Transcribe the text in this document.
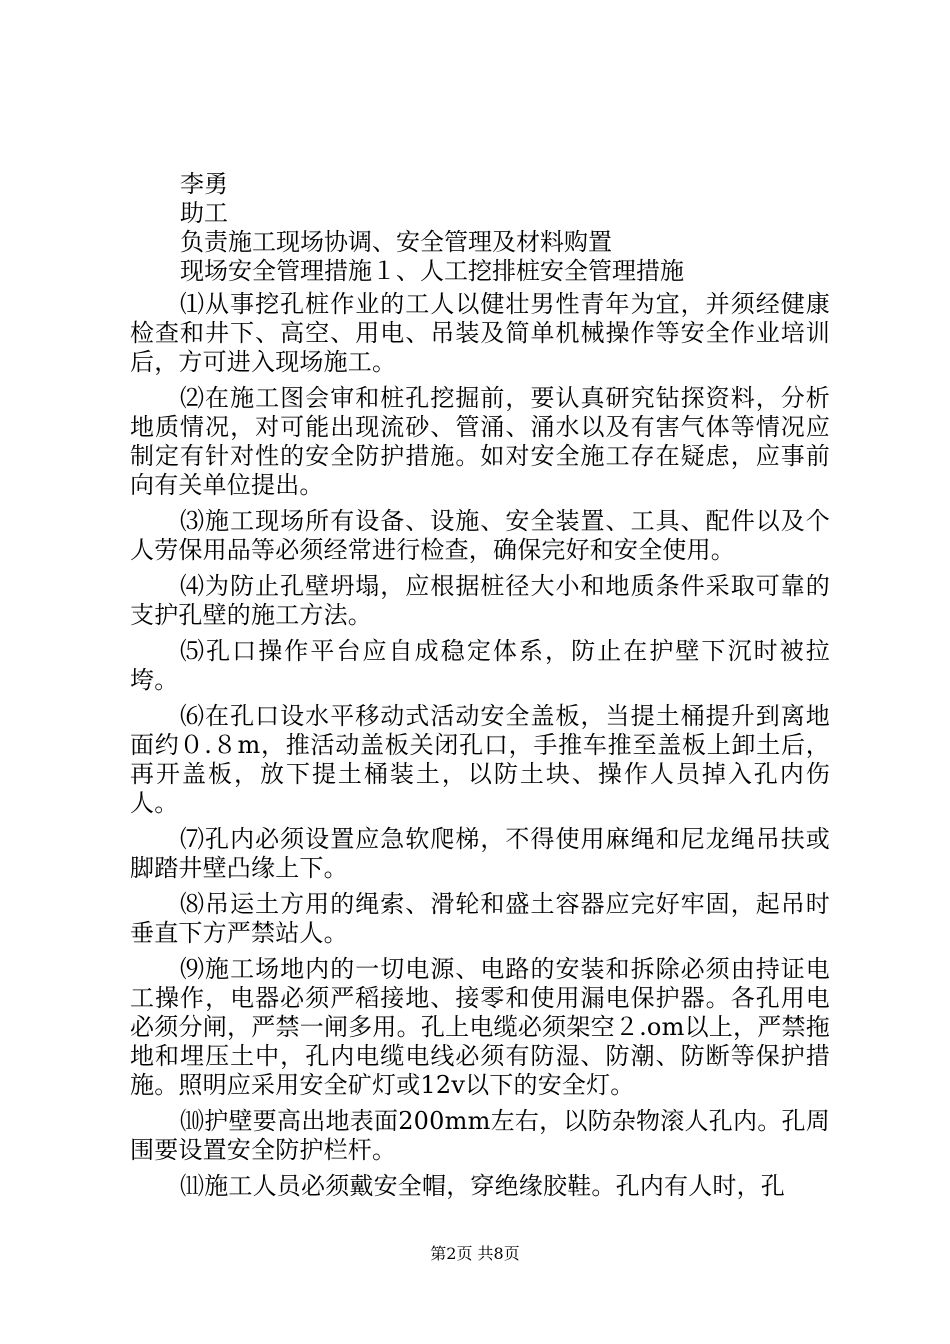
李勇

助工

负责施工现场协调、安全管理及材料购置

现场安全管理措施１、人工挖排桩安全管理措施

⑴从事挖孔桩作业的工人以健壮男性青年为宜，并须经健康检查和井下、高空、用电、吊装及简单机械操作等安全作业培训后，方可进入现场施工。

⑵在施工图会审和桩孔挖掘前，要认真研究钻探资料，分析地质情况，对可能出现流砂、管涌、涌水以及有害气体等情况应制定有针对性的安全防护措施。如对安全施工存在疑虑，应事前向有关单位提出。

⑶施工现场所有设备、设施、安全装置、工具、配件以及个人劳保用品等必须经常进行检查，确保完好和安全使用。

⑷为防止孔壁坍塌，应根据桩径大小和地质条件采取可靠的支护孔壁的施工方法。

⑸孔口操作平台应自成稳定体系，防止在护壁下沉时被拉垮。

⑹在孔口设水平移动式活动安全盖板，当提土桶提升到离地面约０.８m，推活动盖板关闭孔口，手推车推至盖板上卸土后，再开盖板，放下提土桶装土，以防土块、操作人员掉入孔内伤人。

⑺孔内必须设置应急软爬梯，不得使用麻绳和尼龙绳吊扶或脚踏井壁凸缘上下。

⑻吊运土方用的绳索、滑轮和盛土容器应完好牢固，起吊时垂直下方严禁站人。

⑼施工场地内的一切电源、电路的安装和拆除必须由持证电工操作，电器必须严稻接地、接零和使用漏电保护器。各孔用电必须分闸，严禁一闸多用。孔上电缆必须架空２.om以上，严禁拖地和埋压土中，孔内电缆电线必须有防湿、防潮、防断等保护措施。照明应采用安全矿灯或12v以下的安全灯。

⑽护壁要高出地表面200mm左右，以防杂物滚人孔内。孔周围要设置安全防护栏杆。

⑾施工人员必须戴安全帽，穿绝缘胶鞋。孔内有人时，孔

第2页 共8页
